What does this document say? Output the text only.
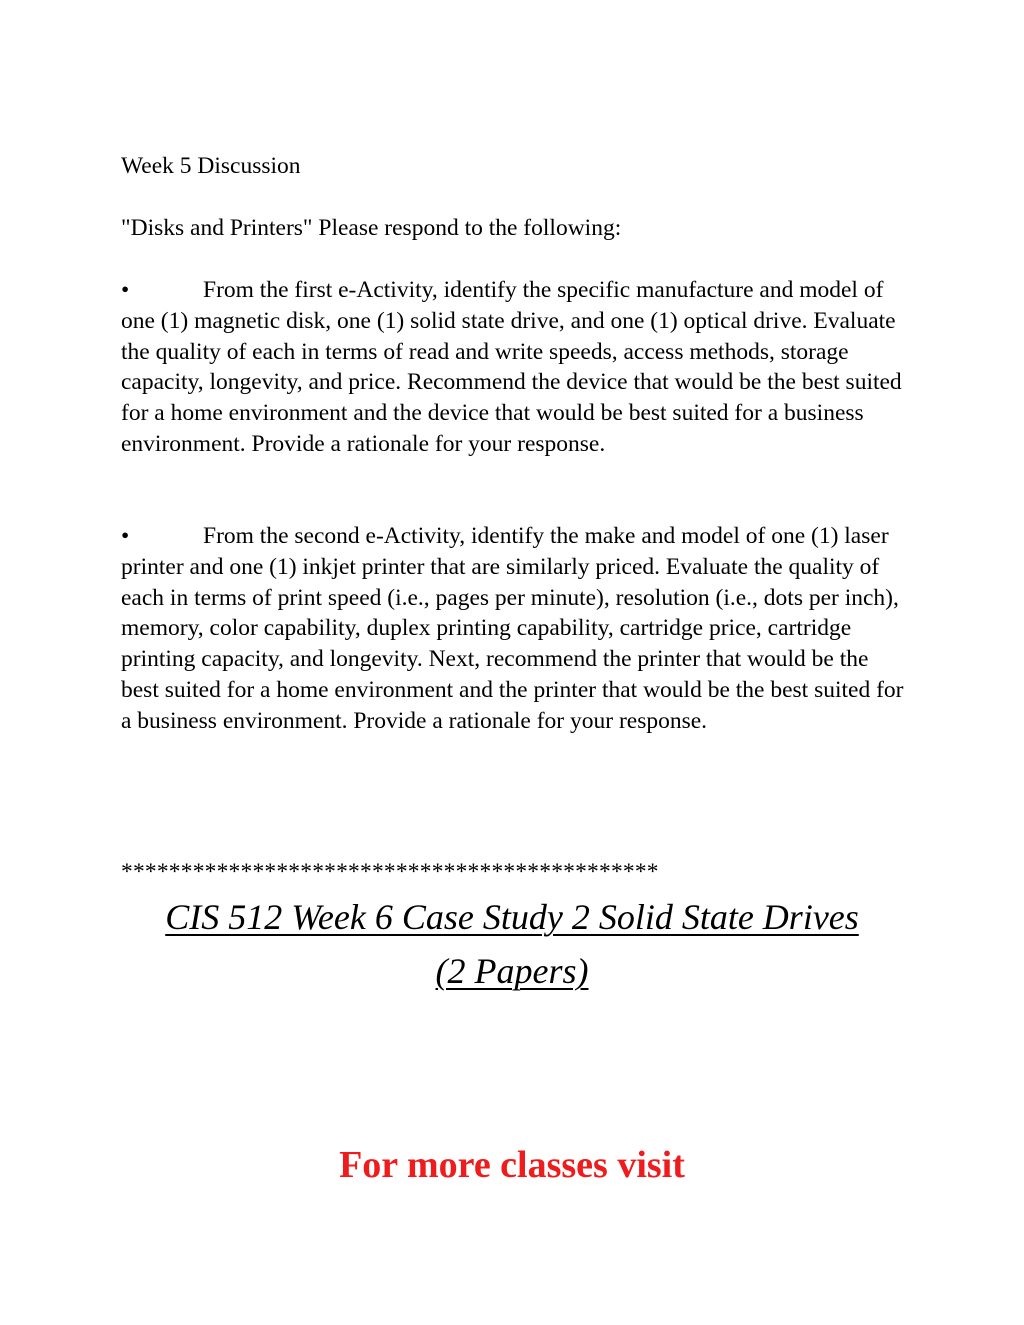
Week 5 Discussion

"Disks and Printers" Please respond to the following:

•	From the first e-Activity, identify the specific manufacture and model of one (1) magnetic disk, one (1) solid state drive, and one (1) optical drive. Evaluate the quality of each in terms of read and write speeds, access methods, storage capacity, longevity, and price. Recommend the device that would be the best suited for a home environment and the device that would be best suited for a business environment. Provide a rationale for your response.

•	From the second e-Activity, identify the make and model of one (1) laser printer and one (1) inkjet printer that are similarly priced. Evaluate the quality of each in terms of print speed (i.e., pages per minute), resolution (i.e., dots per inch), memory, color capability, duplex printing capability, cartridge price, cartridge printing capacity, and longevity. Next, recommend the printer that would be the best suited for a home environment and the printer that would be the best suited for a business environment. Provide a rationale for your response.

*********************************************

CIS 512 Week 6 Case Study 2 Solid State Drives
(2 Papers)

For more classes visit
